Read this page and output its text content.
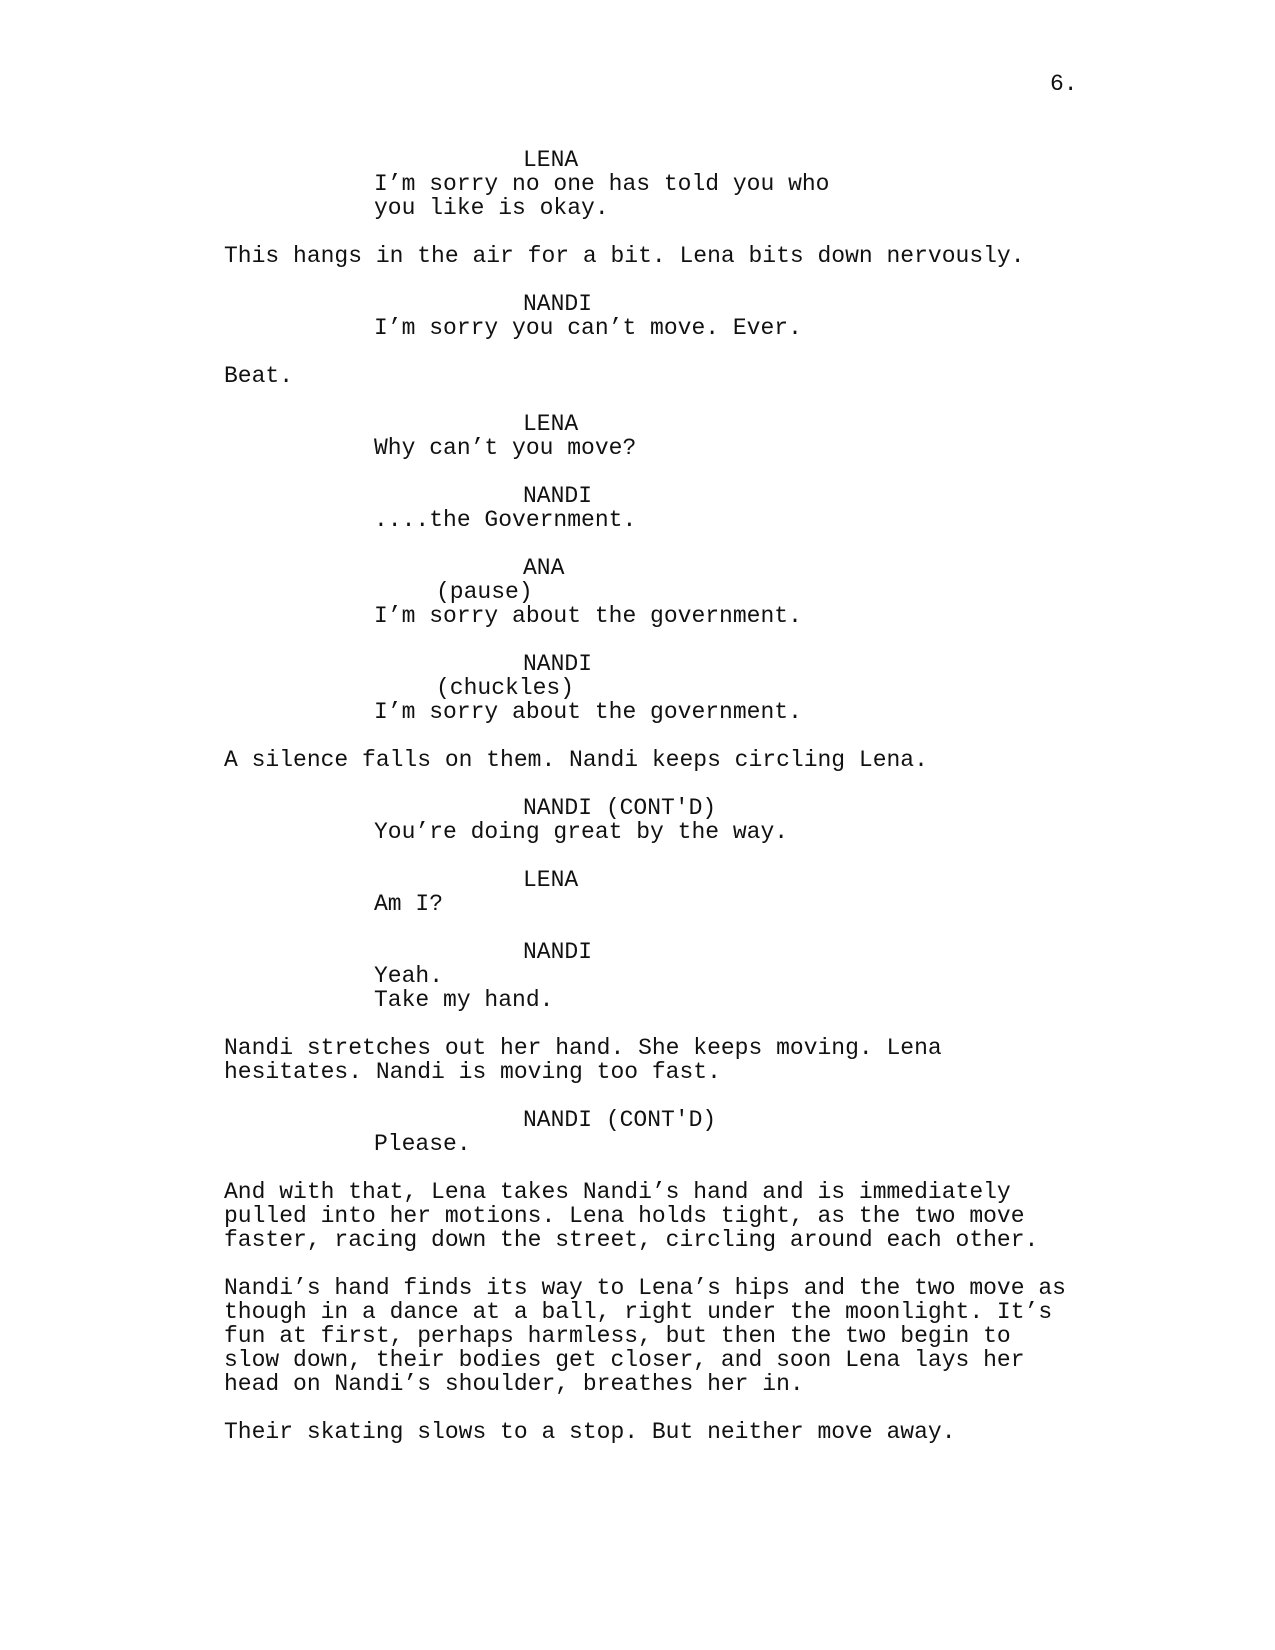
6.
LENA
I’m sorry no one has told you who
you like is okay.
This hangs in the air for a bit. Lena bits down nervously.
NANDI
I’m sorry you can’t move. Ever.
Beat.
LENA
Why can’t you move?
NANDI
....the Government.
ANA
(pause)
I’m sorry about the government.
NANDI
(chuckles)
I’m sorry about the government.
A silence falls on them. Nandi keeps circling Lena.
NANDI (CONT'D)
You’re doing great by the way.
LENA
Am I?
NANDI
Yeah.
Take my hand.
Nandi stretches out her hand. She keeps moving. Lena
hesitates. Nandi is moving too fast.
NANDI (CONT'D)
Please.
And with that, Lena takes Nandi’s hand and is immediately
pulled into her motions. Lena holds tight, as the two move
faster, racing down the street, circling around each other.
Nandi’s hand finds its way to Lena’s hips and the two move as
though in a dance at a ball, right under the moonlight. It’s
fun at first, perhaps harmless, but then the two begin to
slow down, their bodies get closer, and soon Lena lays her
head on Nandi’s shoulder, breathes her in.
Their skating slows to a stop. But neither move away.
